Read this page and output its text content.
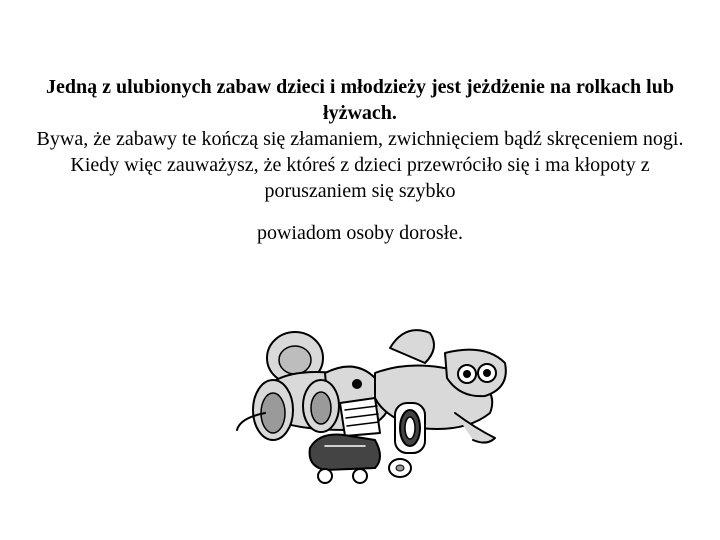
Jedną z ulubionych zabaw dzieci i młodzieży jest jeżdżenie na rolkach lub łyżwach.

Bywa, że zabawy te kończą się złamaniem, zwichnięciem bądź skręceniem nogi. Kiedy więc zauważysz, że któreś z dzieci przewróciło się i ma kłopoty z poruszaniem się szybko

powiadom osoby dorosłe.
